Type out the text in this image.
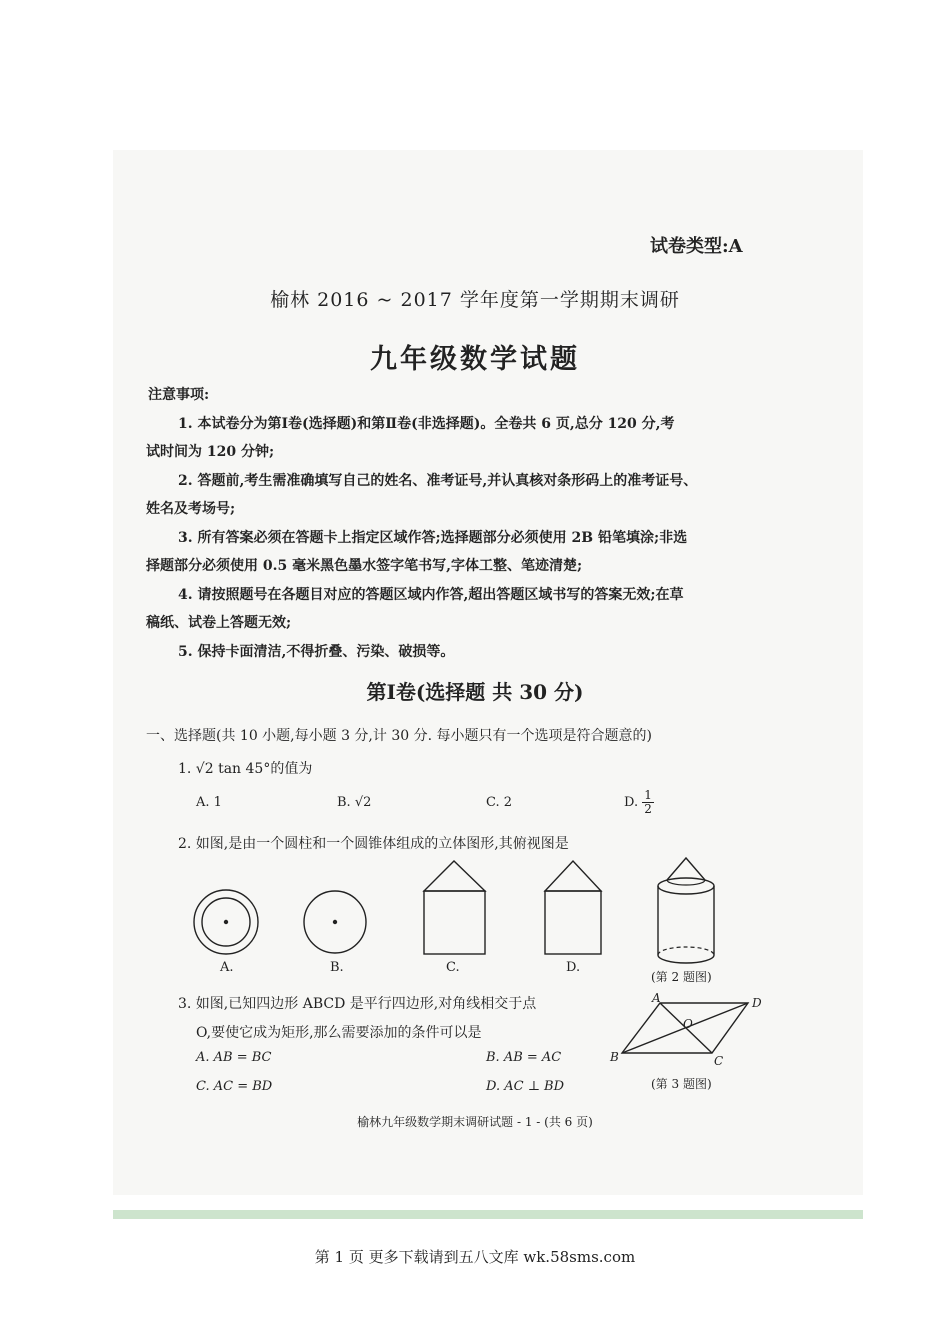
试卷类型:A
榆林 2016 ~ 2017 学年度第一学期期末调研
九年级数学试题
注意事项:
1. 本试卷分为第Ⅰ卷(选择题)和第Ⅱ卷(非选择题)。全卷共 6 页,总分 120 分,考
试时间为 120 分钟;
2. 答题前,考生需准确填写自己的姓名、准考证号,并认真核对条形码上的准考证号、
姓名及考场号;
3. 所有答案必须在答题卡上指定区域作答;选择题部分必须使用 2B 铅笔填涂;非选
择题部分必须使用 0.5 毫米黑色墨水签字笔书写,字体工整、笔迹清楚;
4. 请按照题号在各题目对应的答题区域内作答,超出答题区域书写的答案无效;在草
稿纸、试卷上答题无效;
5. 保持卡面清洁,不得折叠、污染、破损等。
第Ⅰ卷(选择题 共 30 分)
一、选择题(共 10 小题,每小题 3 分,计 30 分. 每小题只有一个选项是符合题意的)
1. √2 tan 45°的值为
A. 1	B. √2	C. 2	D. $\frac{1}{2}$
2. 如图,是由一个圆柱和一个圆锥体组成的立体图形,其俯视图是
A.	B.	C.	D.
(第 2 题图)
3. 如图,已知四边形 ABCD 是平行四边形,对角线相交于点
O,要使它成为矩形,那么需要添加的条件可以是
A. AB = BC	B. AB = AC
C. AC = BD	D. AC ⊥ BD
A	D
B	C
O
(第 3 题图)
榆林九年级数学期末调研试题 - 1 - (共 6 页)
第 1 页 更多下载请到五八文库 wk.58sms.com
